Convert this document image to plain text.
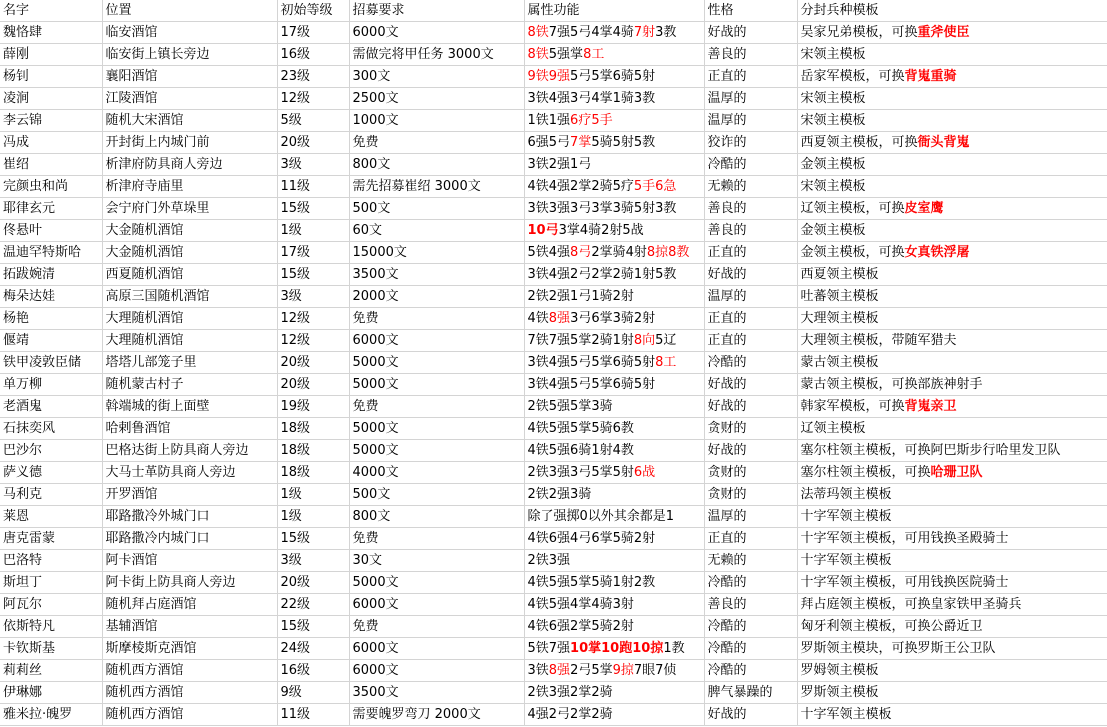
名字	位置	初始等级	招募要求	属性功能	性格	分封兵种模板
魏恪肆	临安酒馆	17级	6000文	8铁7强5弓4掌4骑7射3教	好战的	吴家兄弟模板，可换重斧使臣
薛刚	临安街上镇长旁边	16级	需做完将甲任务 3000文	8铁5强掌8工	善良的	宋领主模板
杨钊	襄阳酒馆	23级	300文	9铁9强5弓5掌6骑5射	正直的	岳家军模板，可换背嵬重骑
凌涧	江陵酒馆	12级	2500文	3铁4强3弓4掌1骑3教	温厚的	宋领主模板
李云锦	随机大宋酒馆	5级	1000文	1铁1强6疗5手	温厚的	宋领主模板
冯成	开封街上内城门前	20级	免费	6强5弓7掌5骑5射5教	狡诈的	西夏领主模板，可换衙头背嵬
崔绍	析津府防具商人旁边	3级	800文	3铁2强1弓	冷酷的	金领主模板
完颜虫和尚	析津府寺庙里	11级	需先招募崔绍 3000文	4铁4强2掌2骑5疗5手6急	无赖的	宋领主模板
耶律玄元	会宁府门外草垛里	15级	500文	3铁3强3弓3掌3骑5射3教	善良的	辽领主模板，可换皮室鹰
佟悬叶	大金随机酒馆	1级	60文	10弓3掌4骑2射5战	善良的	金领主模板
温迪罕特斯哈	大金随机酒馆	17级	15000文	5铁4强8弓2掌骑4射8掠8教	正直的	金领主模板，可换女真铁浮屠
拓跋婉清	西夏随机酒馆	15级	3500文	3铁4强2弓2掌2骑1射5教	好战的	西夏领主模板
梅朵达娃	高原三国随机酒馆	3级	2000文	2铁2强1弓1骑2射	温厚的	吐蕃领主模板
杨艳	大理随机酒馆	12级	免费	4铁8强3弓6掌3骑2射	正直的	大理领主模板
偃靖	大理随机酒馆	12级	6000文	7铁7强5掌2骑1射8向5辽	正直的	大理领主模板，带随军猎夫
铁甲凌敦臣储	塔塔儿部笼子里	20级	5000文	3铁4强5弓5掌6骑5射8工	冷酷的	蒙古领主模板
单万柳	随机蒙古村子	20级	5000文	3铁4强5弓5掌6骑5射	好战的	蒙古领主模板，可换部族神射手
老酒鬼	斡端城的街上面壁	19级	免费	2铁5强5掌3骑	好战的	韩家军模板，可换背嵬亲卫
石抹奕风	哈剌鲁酒馆	18级	5000文	4铁5强5掌5骑6教	贪财的	辽领主模板
巴沙尔	巴格达街上防具商人旁边	18级	5000文	4铁5强6骑1射4教	好战的	塞尔柱领主模板，可换阿巴斯步行哈里发卫队
萨义德	大马士革防具商人旁边	18级	4000文	2铁3强3弓5掌5射6战	贪财的	塞尔柱领主模板，可换哈珊卫队
马利克	开罗酒馆	1级	500文	2铁2强3骑	贪财的	法蒂玛领主模板
莱恩	耶路撒冷外城门口	1级	800文	除了强掷0以外其余都是1	温厚的	十字军领主模板
唐克雷蒙	耶路撒冷内城门口	15级	免费	4铁6强4弓6掌5骑2射	正直的	十字军领主模板，可用钱换圣殿骑士
巴洛特	阿卡酒馆	3级	30文	2铁3强	无赖的	十字军领主模板
斯坦丁	阿卡街上防具商人旁边	20级	5000文	4铁5强5掌5骑1射2教	冷酷的	十字军领主模板，可用钱换医院骑士
阿瓦尔	随机拜占庭酒馆	22级	6000文	4铁5强4掌4骑3射	善良的	拜占庭领主模板，可换皇家铁甲圣骑兵
依斯特凡	基辅酒馆	15级	免费	4铁6强2掌5骑2射	冷酷的	匈牙利领主模板，可换公爵近卫
卡钦斯基	斯摩棱斯克酒馆	24级	6000文	5铁7强10掌10跑10掠1教	冷酷的	罗斯领主模块，可换罗斯王公卫队
莉莉丝	随机西方酒馆	16级	6000文	3铁8强2弓5掌9掠7眼7侦	冷酷的	罗姆领主模板
伊琳娜	随机西方酒馆	9级	3500文	2铁3强2掌2骑	脾气暴躁的	罗斯领主模板
雅米拉·魄罗	随机西方酒馆	11级	需要魄罗弯刀 2000文	4强2弓2掌2骑	好战的	十字军领主模板
